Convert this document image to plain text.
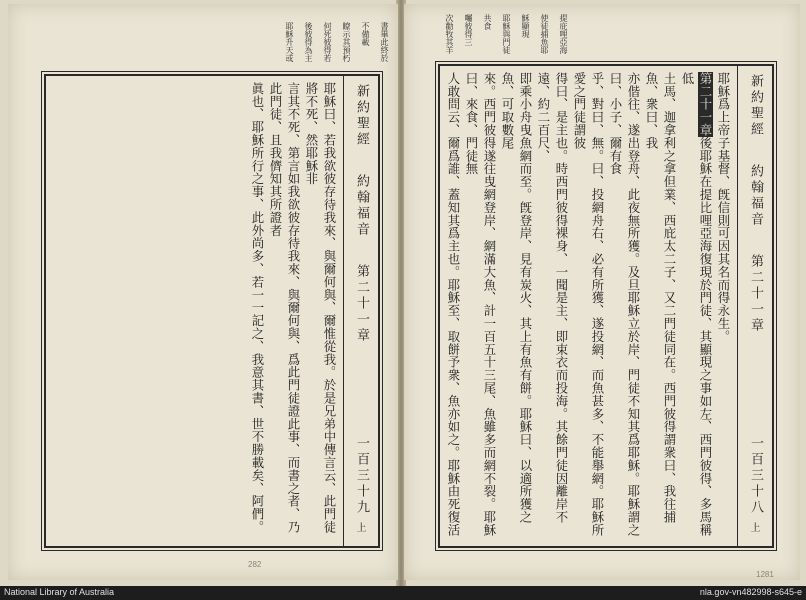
書畢此終於 不備載 瞭示其預朽 何死彼得若 後彼得為主 耶穌升天或

耶穌曰、若我欲彼存待我來、與爾何與、爾惟從我。於是兄弟中傳言云、此門徒將不死、然耶穌非

言其不死、第言如我欲彼存待我來、與爾何與、爲此門徒證此事、而書之者、乃此門徒、且我儕知其所證者

眞也、耶穌所行之事、此外尚多、若一一記之、我意其書、世不勝載矣、阿們。	新約聖經
約翰福音
第二十一章
一百三十九
上
282
提庇哩亞海 使徒捕魚耶 穌顯現 耶穌與門徒 共食 囑彼得三 次勸牧其羊

耶穌爲上帝子基督、旣信則可因其名而得永生。

第二十一章後耶穌在提比哩亞海復現於門徒、其顯現之事如左、西門彼得、多馬稱低

土馬、迦拿利之拿但業、西庇太二子、又二門徒同在。西門彼得謂衆曰、我往捕魚、衆曰、我

亦偕往、遂出登舟、此夜無所獲。及旦耶穌立於岸、門徒不知其爲耶穌。耶穌謂之曰、小子、爾有食

乎、對曰、無。曰、投網舟右、必有所獲、遂投網、而魚甚多、不能舉網。耶穌所愛之門徒謂彼

得曰、是主也。時西門彼得裸身、一聞是主、即束衣而投海。其餘門徒因離岸不遠、約二百尺、

即乘小舟曳魚網而至。旣登岸、見有炭火、其上有魚有餅。耶穌曰、以適所獲之魚、可取數尾

來。西門彼得遂往曳網登岸、網滿大魚、計一百五十三尾、魚雖多而網不裂。耶穌曰、來食、門徒無

人敢問云、爾爲誰、蓋知其爲主也。耶穌至、取餅予衆、魚亦如之。耶穌由死復活

新約聖經
約翰福音
第二十一章
一百三十八
上
1281
National Library of Australia	nla.gov-vn482998-s645-e
